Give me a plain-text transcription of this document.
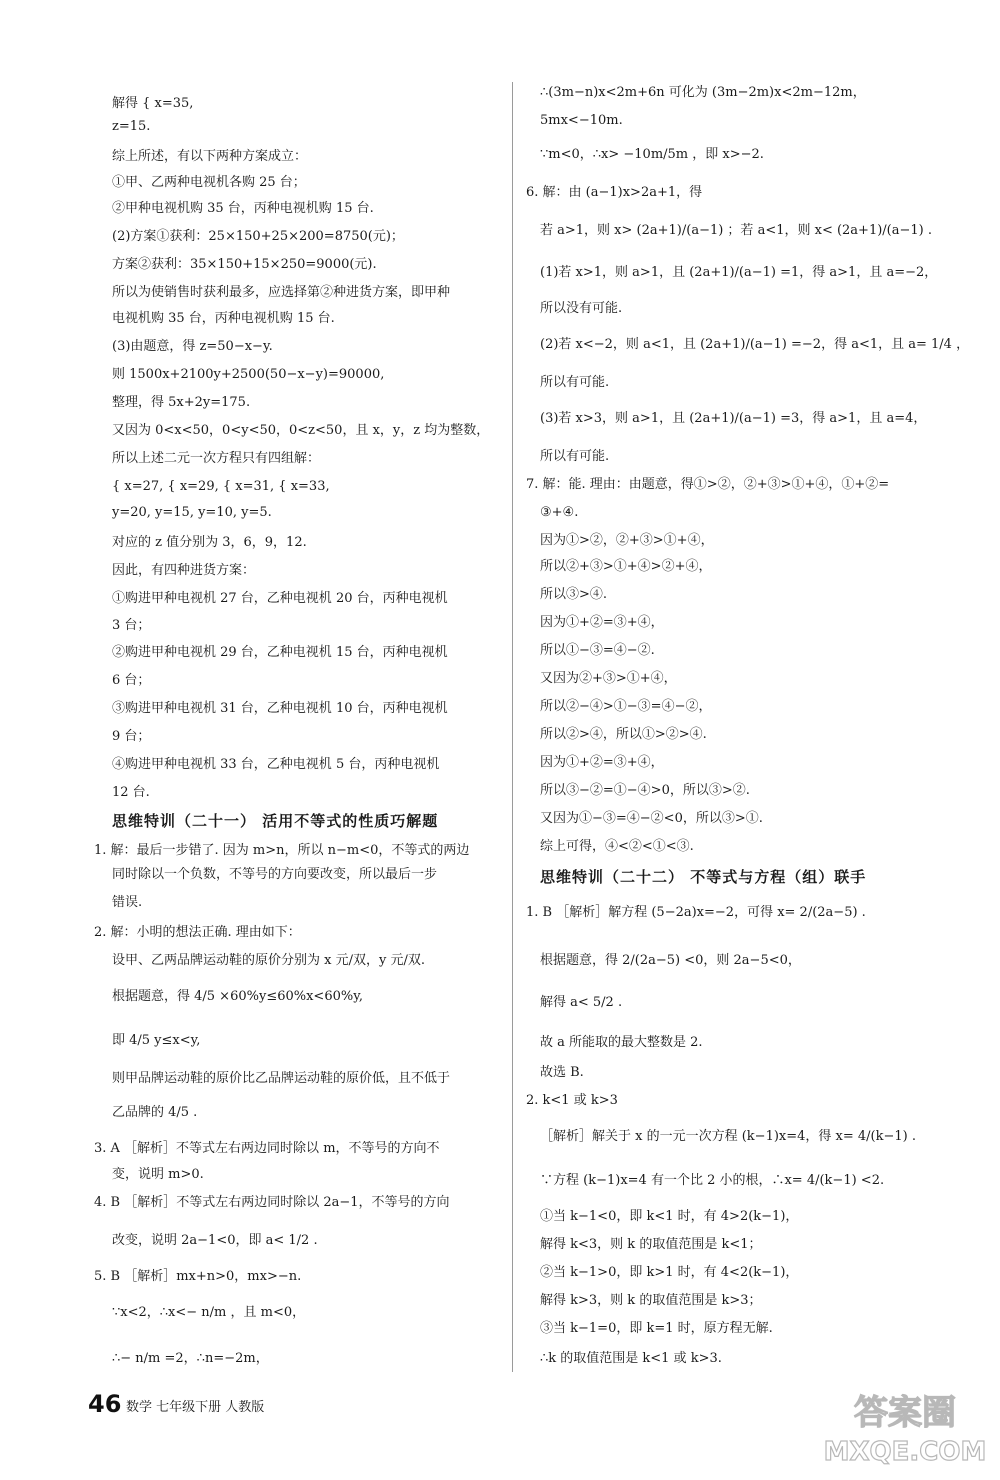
解得 { x=35,
z=15.
综上所述，有以下两种方案成立：
①甲、乙两种电视机各购 25 台；
②甲种电视机购 35 台，丙种电视机购 15 台.
(2)方案①获利：25×150+25×200=8750(元)；
方案②获利：35×150+15×250=9000(元).
所以为使销售时获利最多，应选择第②种进货方案，即甲种
电视机购 35 台，丙种电视机购 15 台.
(3)由题意，得 z=50−x−y.
则 1500x+2100y+2500(50−x−y)=90000,
整理，得 5x+2y=175.
又因为 0<x<50，0<y<50，0<z<50，且 x，y，z 均为整数，
所以上述二元一次方程只有四组解：
{ x=27, { x=29, { x=31, { x=33,
y=20, y=15, y=10, y=5.
对应的 z 值分别为 3，6，9，12.
因此，有四种进货方案：
①购进甲种电视机 27 台，乙种电视机 20 台，丙种电视机
3 台；
②购进甲种电视机 29 台，乙种电视机 15 台，丙种电视机
6 台；
③购进甲种电视机 31 台，乙种电视机 10 台，丙种电视机
9 台；
④购进甲种电视机 33 台，乙种电视机 5 台，丙种电视机
12 台.
思维特训（二十一） 活用不等式的性质巧解题
1. 解：最后一步错了. 因为 m>n，所以 n−m<0，不等式的两边
同时除以一个负数，不等号的方向要改变，所以最后一步
错误.
2. 解：小明的想法正确. 理由如下：
设甲、乙两品牌运动鞋的原价分别为 x 元/双，y 元/双.
根据题意，得 4/5 ×60%y≤60%x<60%y,
即 4/5 y≤x<y,
则甲品牌运动鞋的原价比乙品牌运动鞋的原价低，且不低于
乙品牌的 4/5 .
3. A ［解析］不等式左右两边同时除以 m，不等号的方向不
变，说明 m>0.
4. B ［解析］不等式左右两边同时除以 2a−1，不等号的方向
改变，说明 2a−1<0，即 a< 1/2 .
5. B ［解析］mx+n>0，mx>−n.
∵x<2，∴x<− n/m ，且 m<0，
∴− n/m =2，∴n=−2m，
∴(3m−n)x<2m+6n 可化为 (3m−2m)x<2m−12m，
5mx<−10m.
∵m<0，∴x> −10m/5m ，即 x>−2.
6. 解：由 (a−1)x>2a+1，得
若 a>1，则 x> (2a+1)/(a−1) ；若 a<1，则 x< (2a+1)/(a−1) .
(1)若 x>1，则 a>1，且 (2a+1)/(a−1) =1，得 a>1，且 a=−2，
所以没有可能.
(2)若 x<−2，则 a<1，且 (2a+1)/(a−1) =−2，得 a<1，且 a= 1/4 ，
所以有可能.
(3)若 x>3，则 a>1，且 (2a+1)/(a−1) =3，得 a>1，且 a=4，
所以有可能.
7. 解：能. 理由：由题意，得①>②，②+③>①+④，①+②=
③+④.
因为①>②，②+③>①+④，
所以②+③>①+④>②+④，
所以③>④.
因为①+②=③+④，
所以①−③=④−②.
又因为②+③>①+④，
所以②−④>①−③=④−②，
所以②>④，所以①>②>④.
因为①+②=③+④，
所以③−②=①−④>0，所以③>②.
又因为①−③=④−②<0，所以③>①.
综上可得，④<②<①<③.
思维特训（二十二） 不等式与方程（组）联手
1. B ［解析］解方程 (5−2a)x=−2，可得 x= 2/(2a−5) .
根据题意，得 2/(2a−5) <0，则 2a−5<0，
解得 a< 5/2 .
故 a 所能取的最大整数是 2.
故选 B.
2. k<1 或 k>3
［解析］解关于 x 的一元一次方程 (k−1)x=4，得 x= 4/(k−1) .
∵方程 (k−1)x=4 有一个比 2 小的根，∴x= 4/(k−1) <2.
①当 k−1<0，即 k<1 时，有 4>2(k−1)，
解得 k<3，则 k 的取值范围是 k<1；
②当 k−1>0，即 k>1 时，有 4<2(k−1)，
解得 k>3，则 k 的取值范围是 k>3；
③当 k−1=0，即 k=1 时，原方程无解.
∴k 的取值范围是 k<1 或 k>3.
46 数学 七年级下册 人教版	答案圈
MXQE.COM
